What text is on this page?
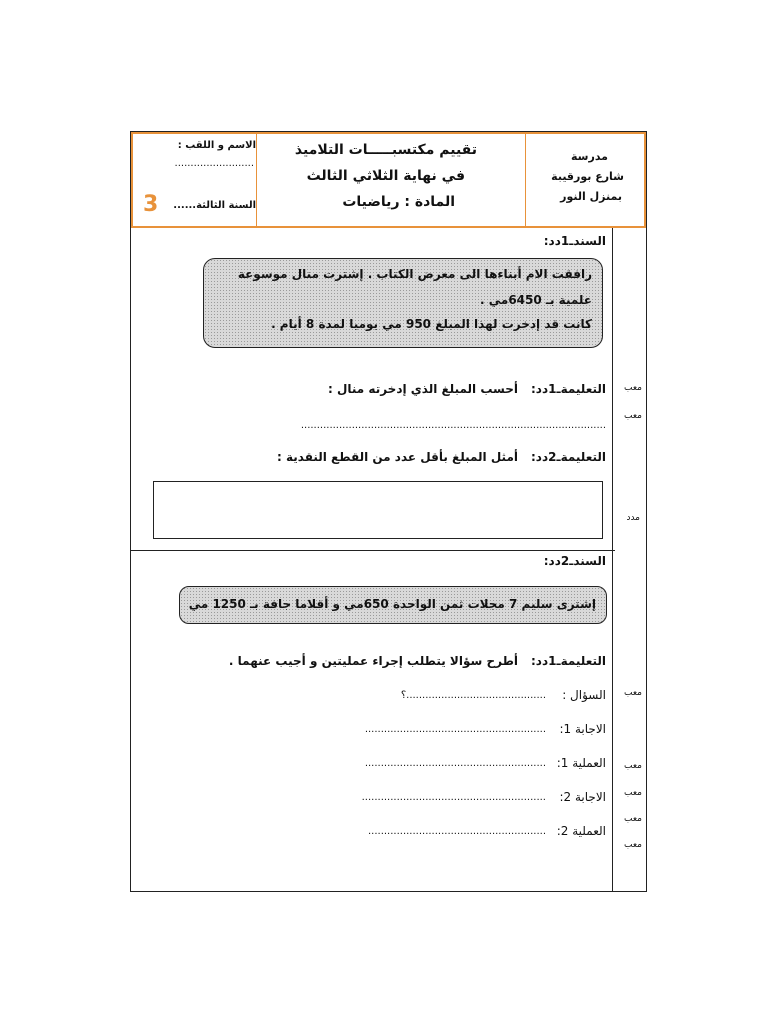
مدرسة
شارع بورقيبة
بمنزل النور
تقييم مكتسبـــــات التلاميذ
في نهاية الثلاثي الثالث
المادة : رياضيات
الاسم و اللقب :
.........................
السنة الثالثة......
3
معب
معب
مدد
معب
معب
معب
معب
معب
السندـ1دد:
رافقت الام أبناءها الى معرض الكتاب . إشترت منال موسوعة
علمية بـ 6450مي .
كانت قد إدخرت لهذا المبلغ 950 مي يوميا لمدة 8 أيام .
التعليمةـ1دد:
أحسب المبلغ الذي إدخرته منال :
................................................................................................
التعليمةـ2دد:
أمثل المبلغ بأقل عدد من القطع النقدية :
السندـ2دد:
إشترى سليم 7 مجلات ثمن الواحدة 650مي و أقلاما جافة بـ 1250 مي
التعليمةـ1دد:
أطرح سؤالا يتطلب إجراء عمليتين و أجيب عنهما .
السؤال :
............................................؟
الاجابة 1:
.........................................................
العملية 1:
.........................................................
الاجابة 2:
..........................................................
العملية 2:
........................................................
